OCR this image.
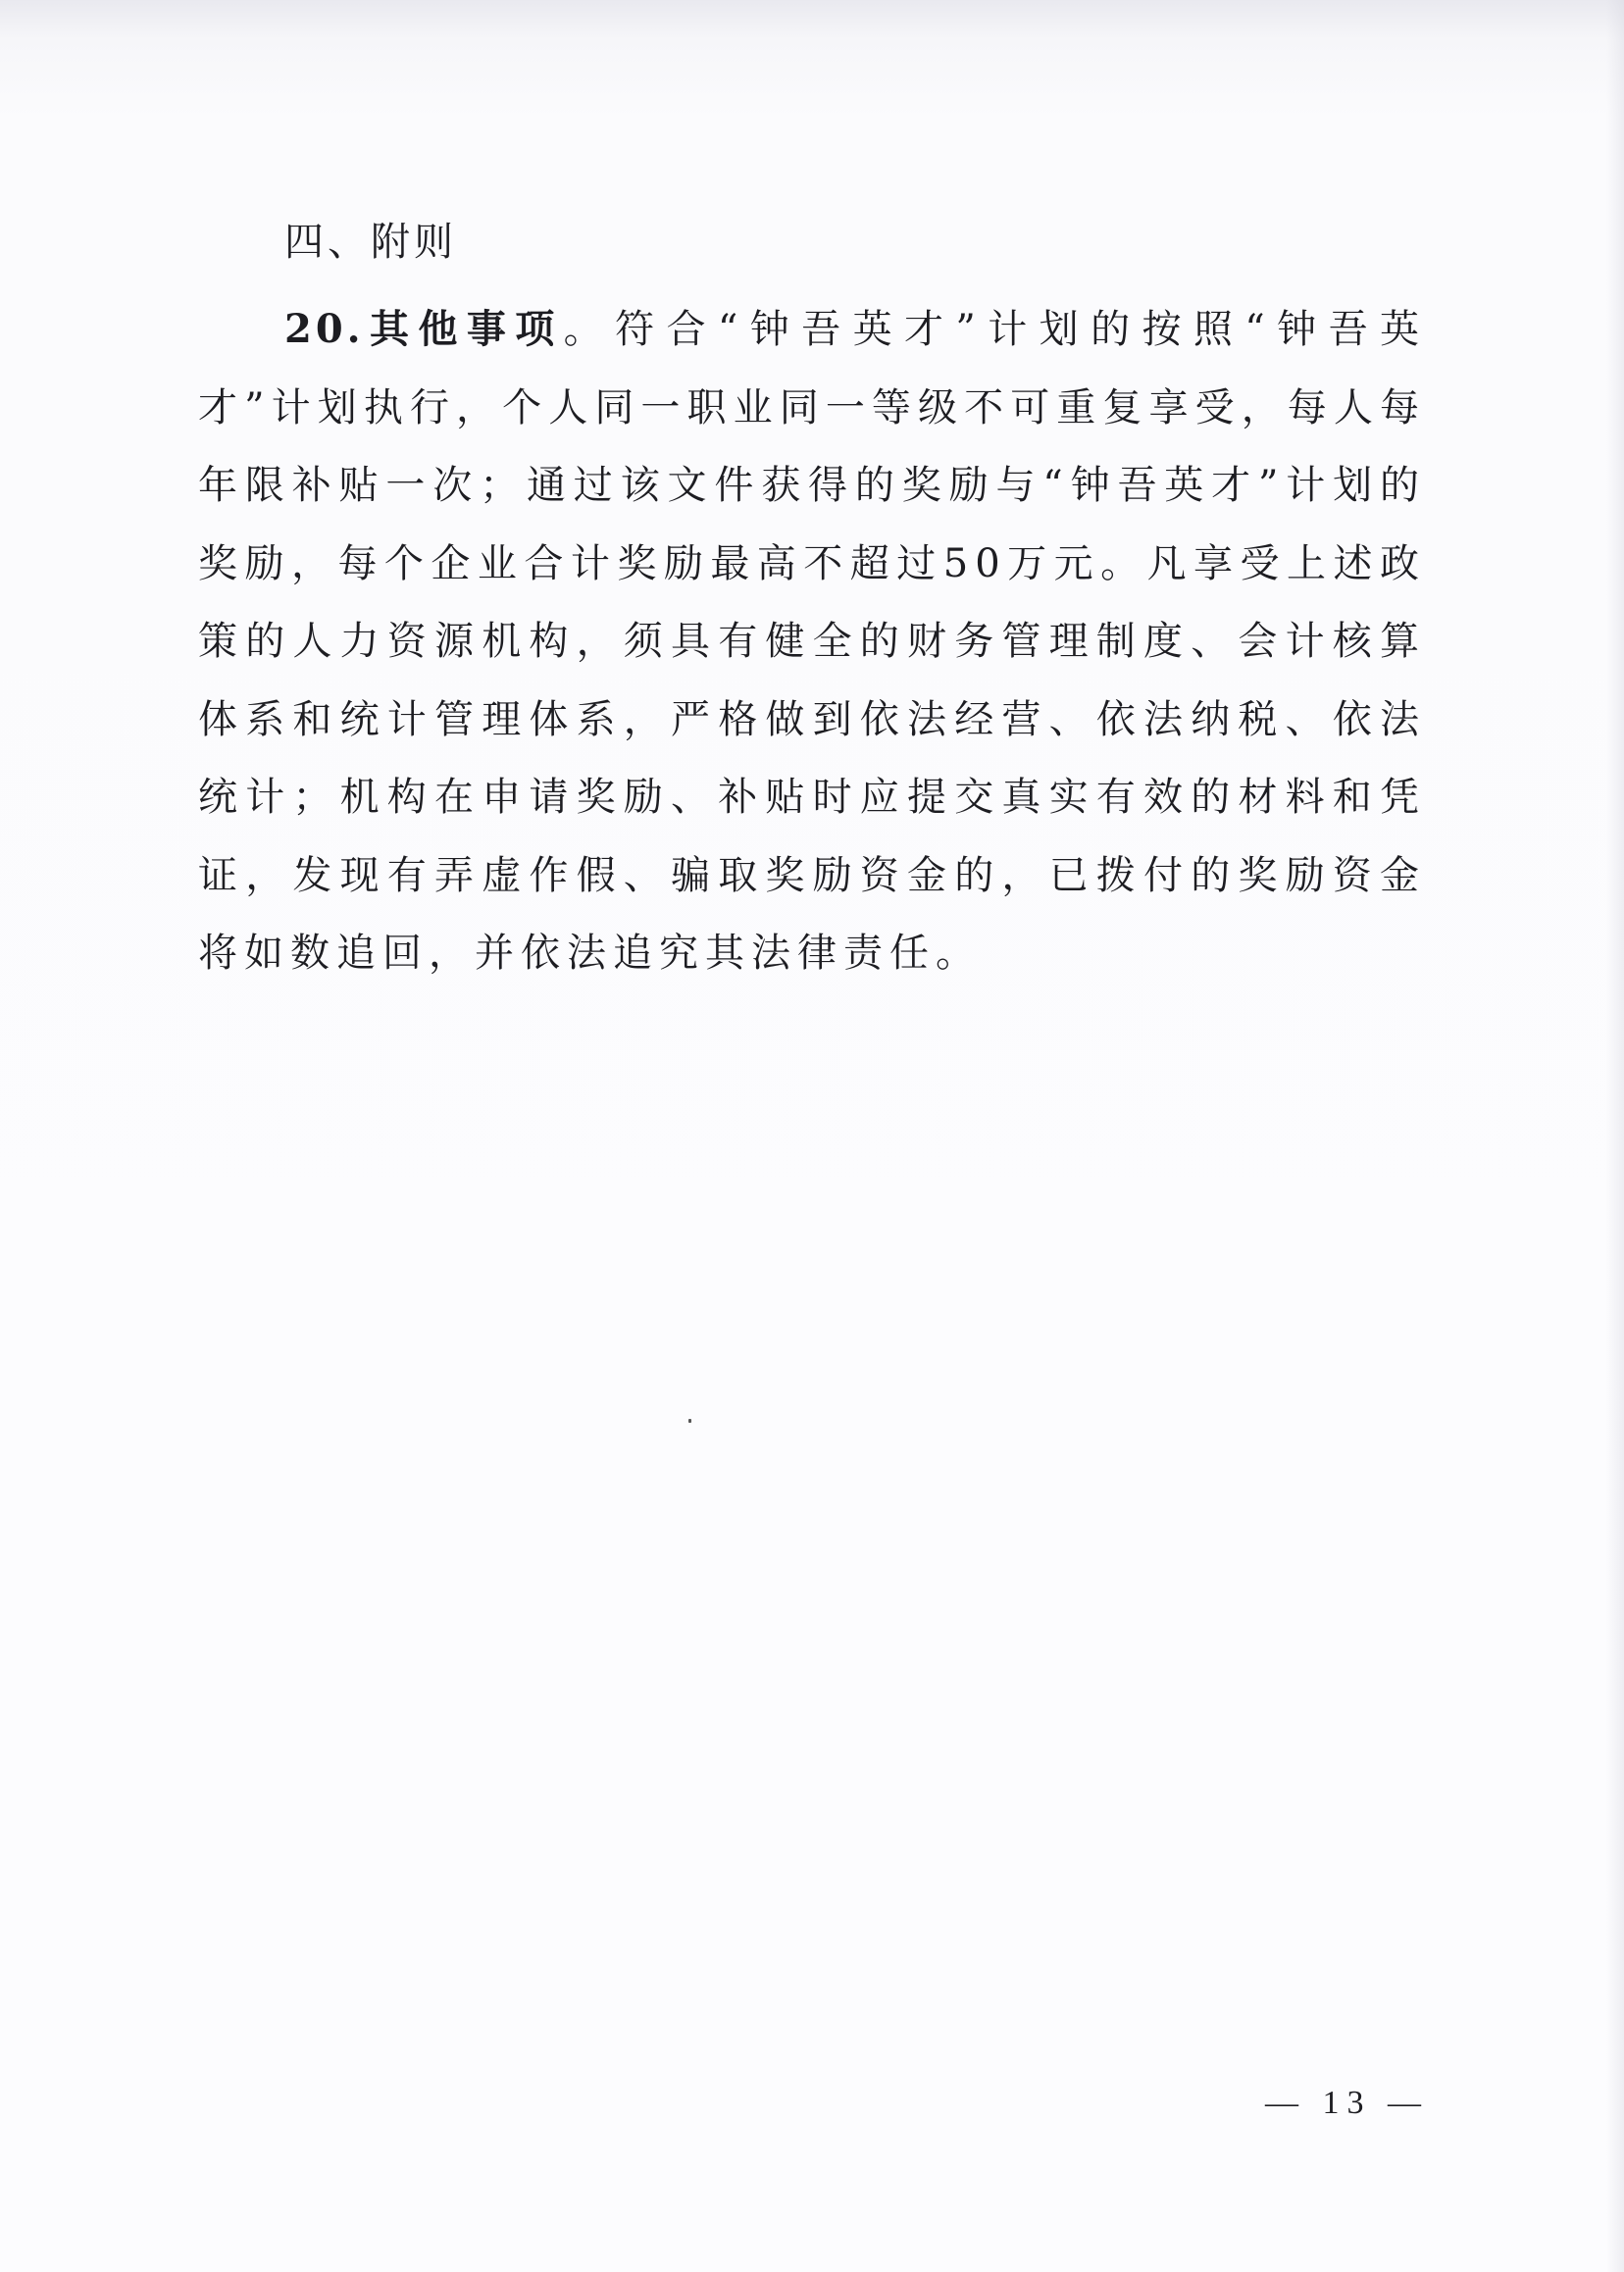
四、附则

20.其他事项。符合“钟吾英才”计划的按照“钟吾英才”计划执行，个人同一职业同一等级不可重复享受，每人每年限补贴一次；通过该文件获得的奖励与“钟吾英才”计划的奖励，每个企业合计奖励最高不超过50万元。凡享受上述政策的人力资源机构，须具有健全的财务管理制度、会计核算体系和统计管理体系，严格做到依法经营、依法纳税、依法统计；机构在申请奖励、补贴时应提交真实有效的材料和凭证，发现有弄虚作假、骗取奖励资金的，已拨付的奖励资金将如数追回，并依法追究其法律责任。

— 13 —
